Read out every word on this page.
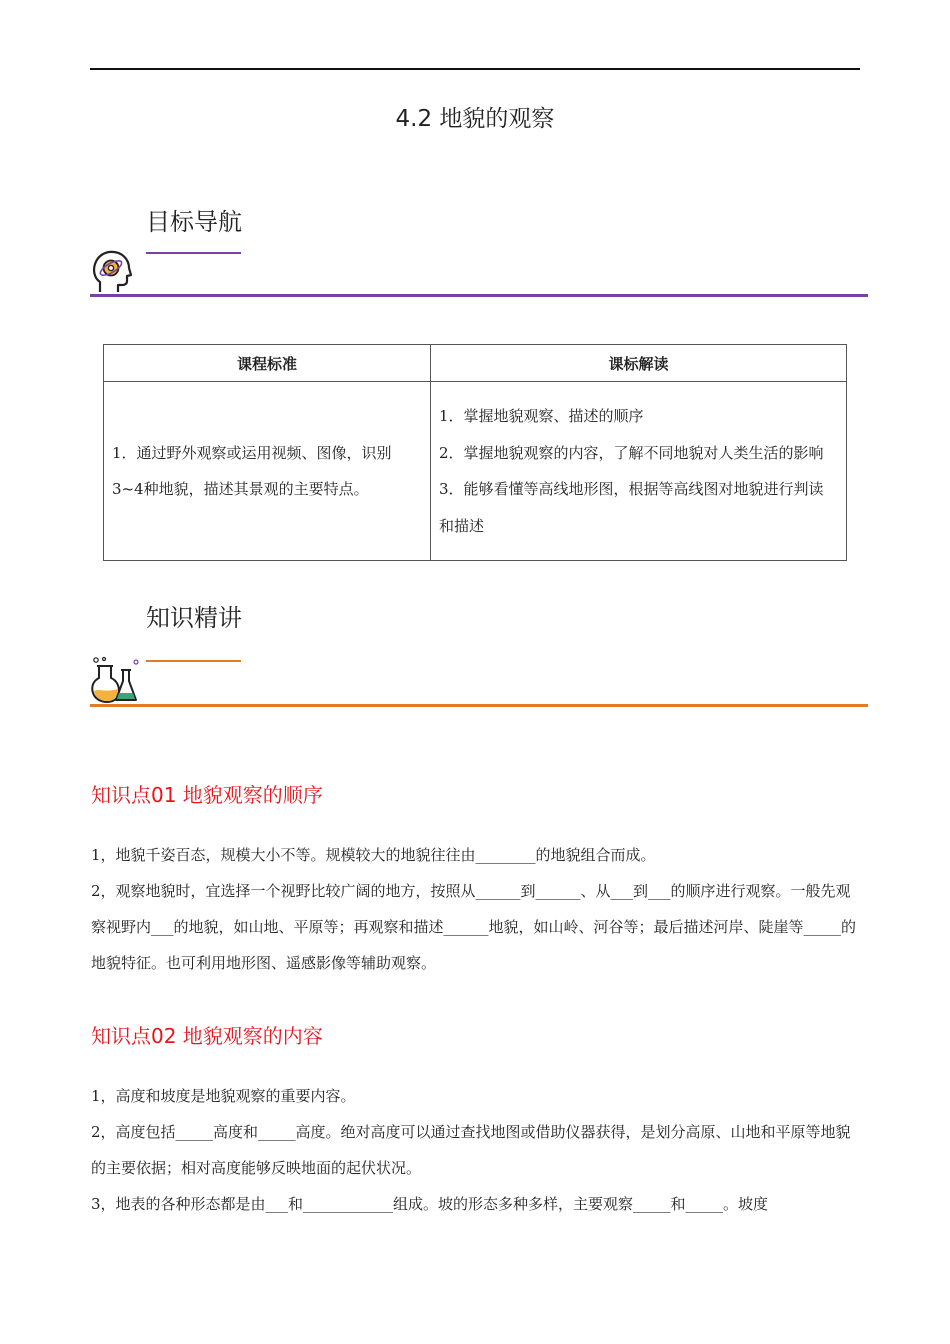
4.2 地貌的观察
目标导航
课程标准	课标解读
1．通过野外观察或运用视频、图像，识别3~4种地貌，描述其景观的主要特点。	1．掌握地貌观察、描述的顺序
2．掌握地貌观察的内容，了解不同地貌对人类生活的影响
3．能够看懂等高线地形图，根据等高线图对地貌进行判读和描述
知识精讲
知识点01 地貌观察的顺序
1，地貌千姿百态，规模大小不等。规模较大的地貌往往由________的地貌组合而成。
2，观察地貌时，宜选择一个视野比较广阔的地方，按照从______到______、从___到___的顺序进行观察。一般先观察视野内___的地貌，如山地、平原等；再观察和描述______地貌，如山岭、河谷等；最后描述河岸、陡崖等_____的地貌特征。也可利用地形图、遥感影像等辅助观察。
知识点02 地貌观察的内容
1，高度和坡度是地貌观察的重要内容。
2，高度包括_____高度和_____高度。绝对高度可以通过查找地图或借助仪器获得，是划分高原、山地和平原等地貌的主要依据；相对高度能够反映地面的起伏状况。
3，地表的各种形态都是由___和____________组成。坡的形态多种多样，主要观察_____和_____。坡度
